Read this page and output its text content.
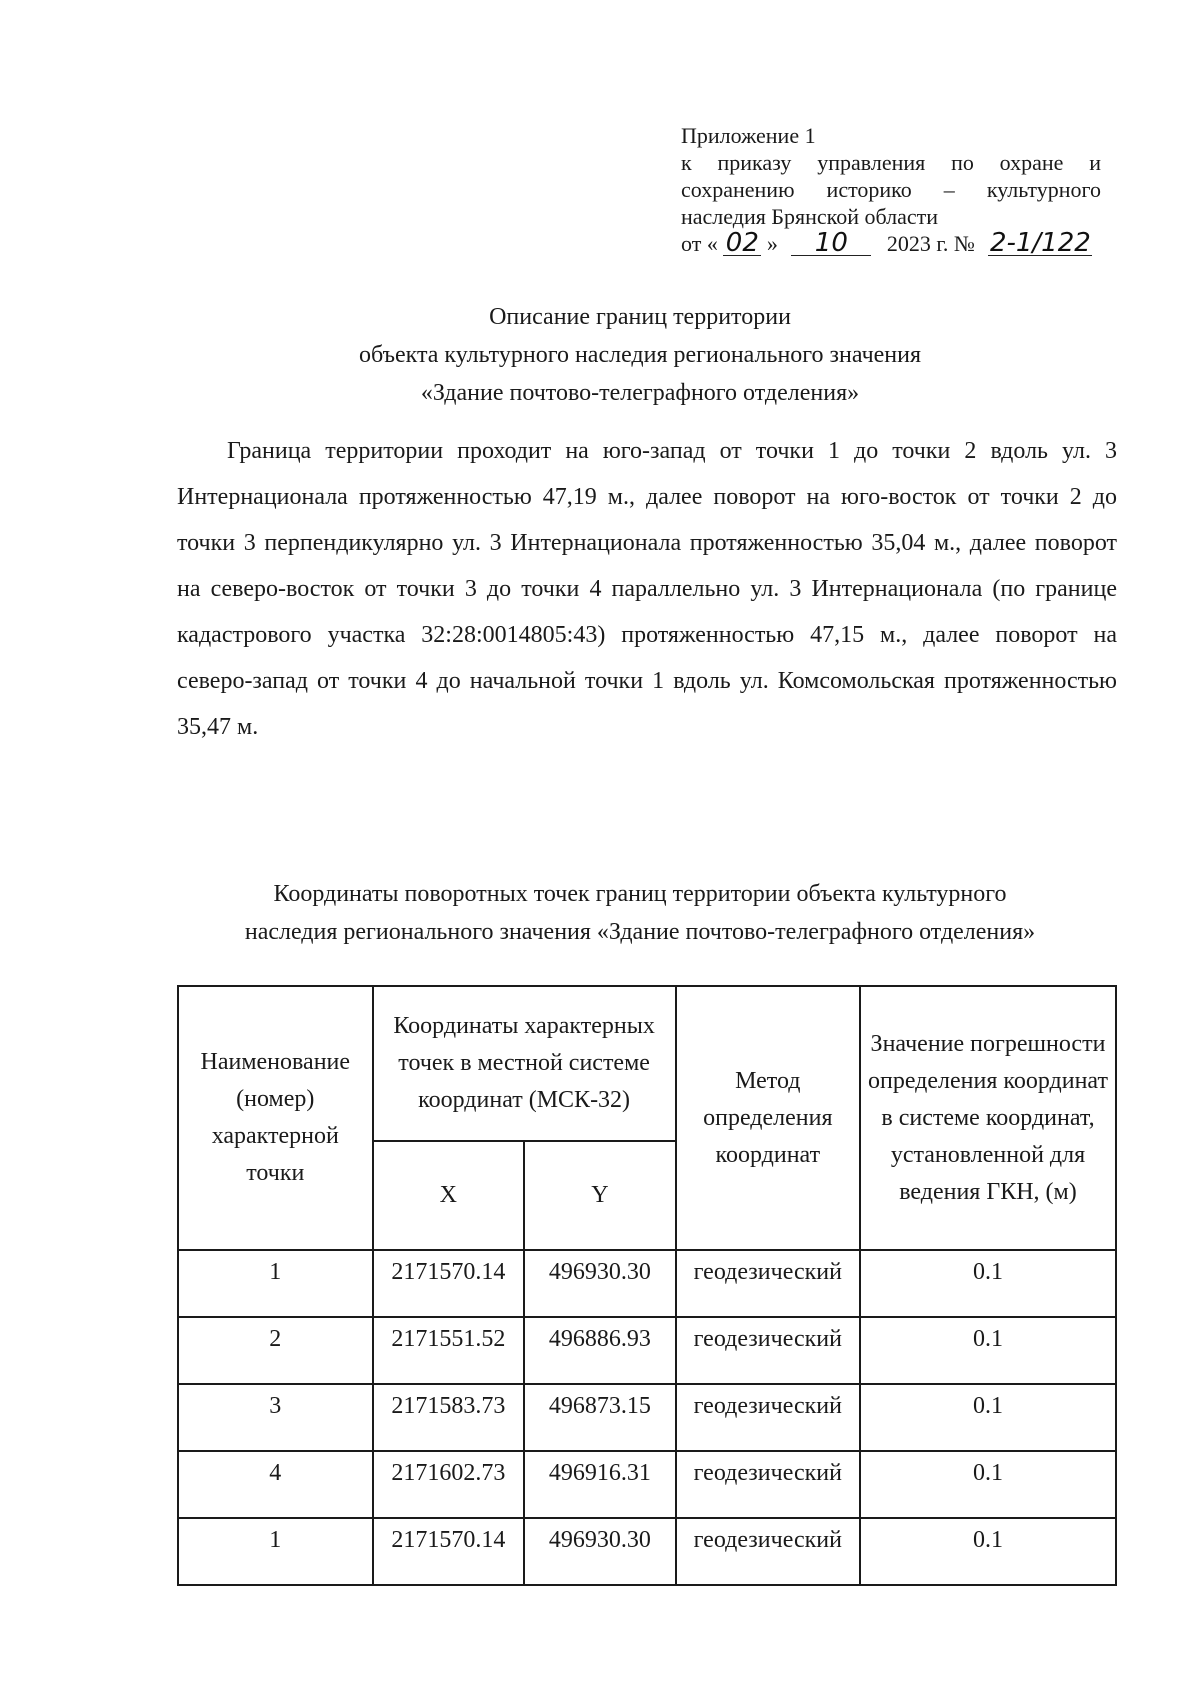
Приложение 1
к приказу управления по охране и
сохранению историко – культурного
наследия Брянской области
от « 02 » 10 2023 г. № 2-1/122
Описание границ территории
объекта культурного наследия регионального значения
«Здание почтово-телеграфного отделения»

Граница территории проходит на юго-запад от точки 1 до точки 2 вдоль ул. 3 Интернационала протяженностью 47,19 м., далее поворот на юго-восток от точки 2 до точки 3 перпендикулярно ул. 3 Интернационала протяженностью 35,04 м., далее поворот на северо-восток от точки 3 до точки 4 параллельно ул. 3 Интернационала (по границе кадастрового участка 32:28:0014805:43) протяженностью 47,15 м., далее поворот на северо-запад от точки 4 до начальной точки 1 вдоль ул. Комсомольская протяженностью 35,47 м.

Координаты поворотных точек границ территории объекта культурного
наследия регионального значения «Здание почтово-телеграфного отделения»
Наименование (номер) характерной точки	Координаты характерных точек в местной системе координат (МСК-32)		Метод определения координат	Значение погрешности определения координат в системе координат, установленной для ведения ГКН, (м)
	X	Y		
1	2171570.14	496930.30	геодезический	0.1
2	2171551.52	496886.93	геодезический	0.1
3	2171583.73	496873.15	геодезический	0.1
4	2171602.73	496916.31	геодезический	0.1
1	2171570.14	496930.30	геодезический	0.1
